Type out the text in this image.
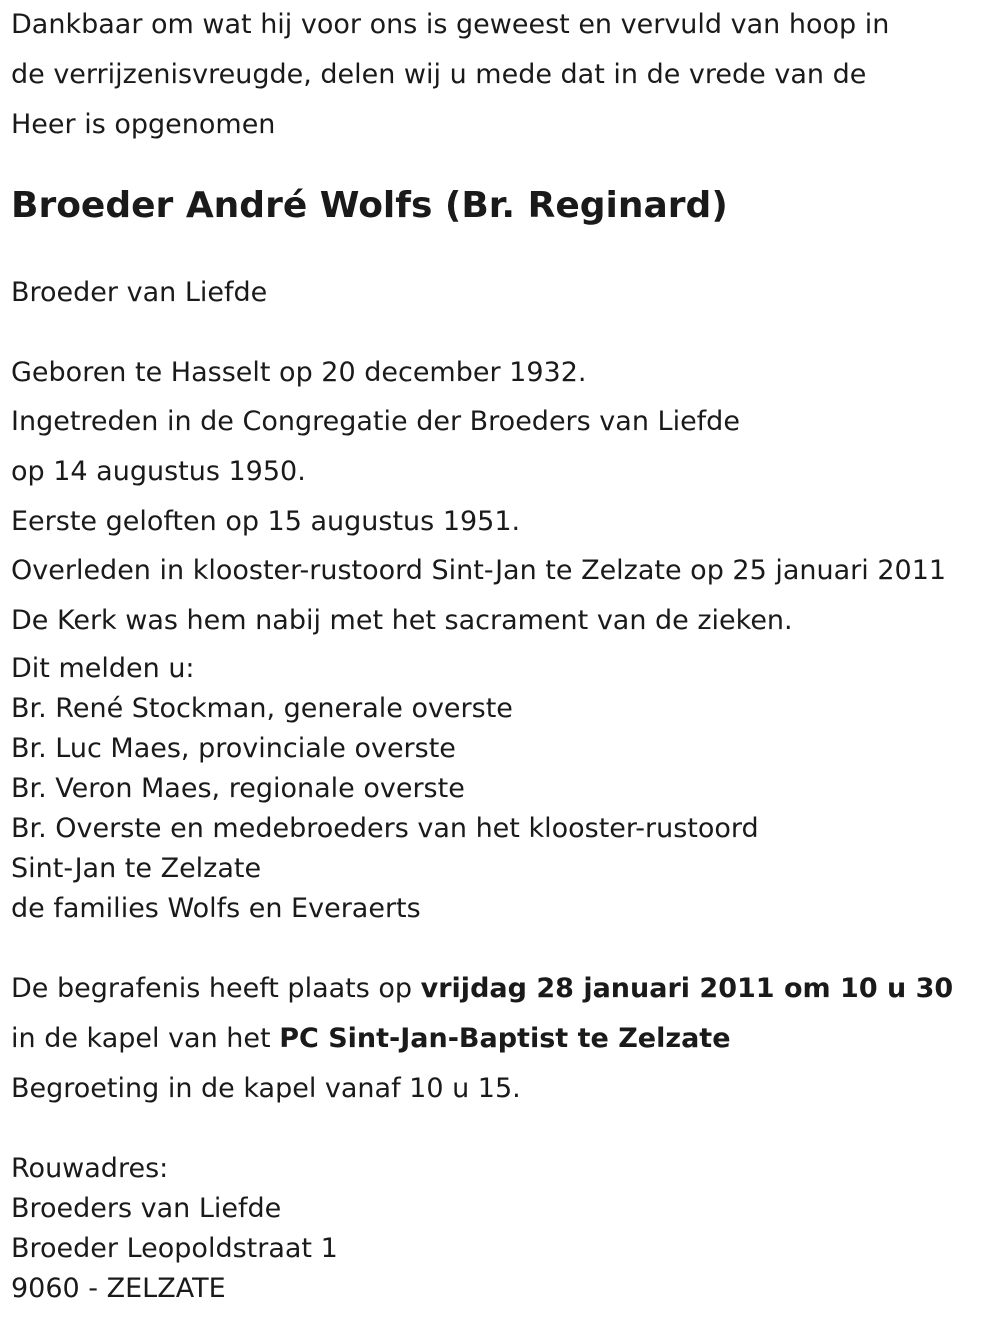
Dankbaar om wat hij voor ons is geweest en vervuld van hoop in
de verrijzenisvreugde, delen wij u mede dat in de vrede van de
Heer is opgenomen
Broeder André Wolfs (Br. Reginard)
Broeder van Liefde
Geboren te Hasselt op 20 december 1932.
Ingetreden in de Congregatie der Broeders van Liefde
op 14 augustus 1950.
Eerste geloften op 15 augustus 1951.
Overleden in klooster-rustoord Sint-Jan te Zelzate op 25 januari 2011
De Kerk was hem nabij met het sacrament van de zieken.
Dit melden u:
Br. René Stockman, generale overste
Br. Luc Maes, provinciale overste
Br. Veron Maes, regionale overste
Br. Overste en medebroeders van het klooster-rustoord
Sint-Jan te Zelzate
de families Wolfs en Everaerts
De begrafenis heeft plaats op vrijdag 28 januari 2011 om 10 u 30
in de kapel van het PC Sint-Jan-Baptist te Zelzate
Begroeting in de kapel vanaf 10 u 15.
Rouwadres:
Broeders van Liefde
Broeder Leopoldstraat 1
9060 - ZELZATE
